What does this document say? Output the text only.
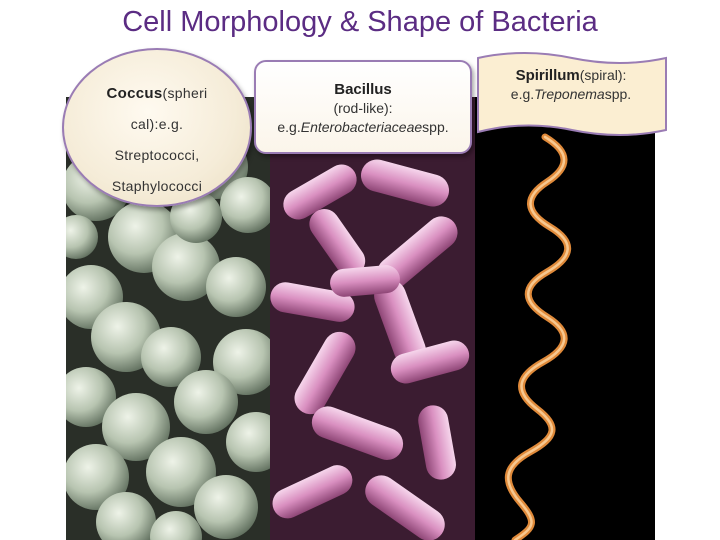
Cell Morphology & Shape of Bacteria
Coccus(spheri
cal):e.g.
Streptococci,
Staphylococci
Bacillus
(rod-like):
e.g.Enterobacteriaceaespp.
Spirillum(spiral):
e.g.Treponemaspp.
